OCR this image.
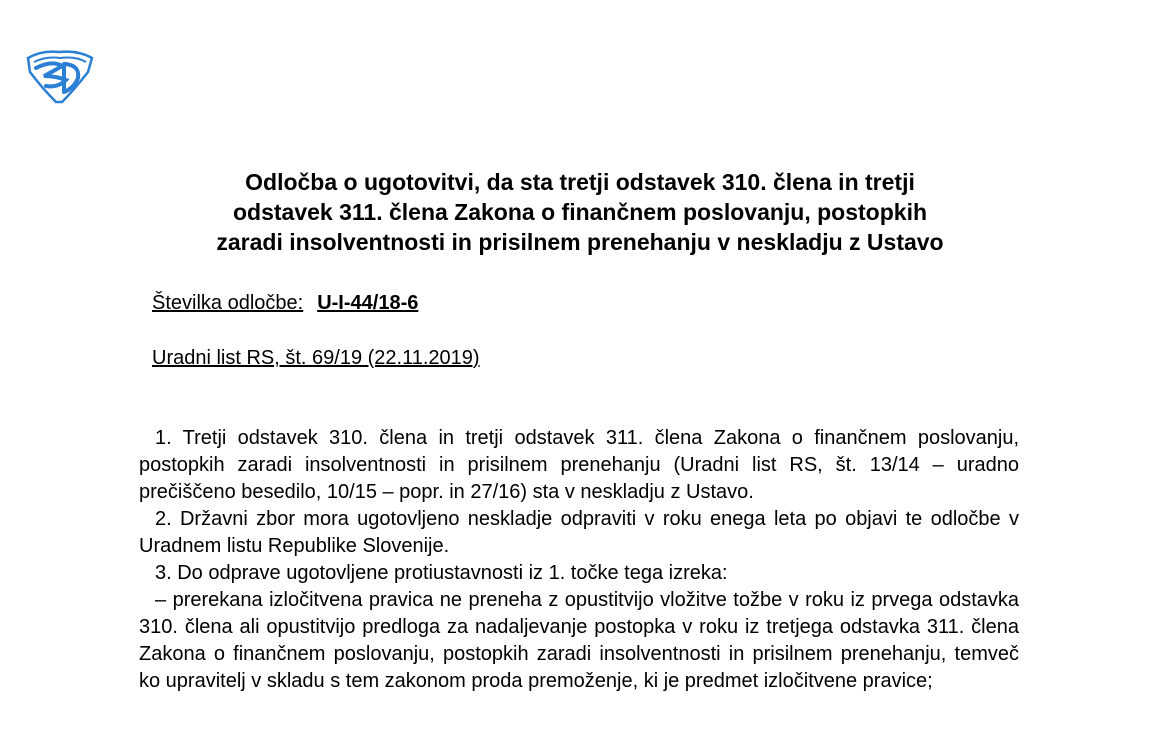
Odločba o ugotovitvi, da sta tretji odstavek 310. člena in tretji
odstavek 311. člena Zakona o finančnem poslovanju, postopkih
zaradi insolventnosti in prisilnem prenehanju v neskladju z Ustavo
Številka odločbe: U-I-44/18-6
Uradni list RS, št. 69/19 (22.11.2019)

1. Tretji odstavek 310. člena in tretji odstavek 311. člena Zakona o finančnem poslovanju, postopkih zaradi insolventnosti in prisilnem prenehanju (Uradni list RS, št. 13/14 – uradno prečiščeno besedilo, 10/15 – popr. in 27/16) sta v neskladju z Ustavo.

2. Državni zbor mora ugotovljeno neskladje odpraviti v roku enega leta po objavi te odločbe v Uradnem listu Republike Slovenije.

3. Do odprave ugotovljene protiustavnosti iz 1. točke tega izreka:

– prerekana izločitvena pravica ne preneha z opustitvijo vložitve tožbe v roku iz prvega odstavka 310. člena ali opustitvijo predloga za nadaljevanje postopka v roku iz tretjega odstavka 311. člena Zakona o finančnem poslovanju, postopkih zaradi insolventnosti in prisilnem prenehanju, temveč ko upravitelj v skladu s tem zakonom proda premoženje, ki je predmet izločitvene pravice;
